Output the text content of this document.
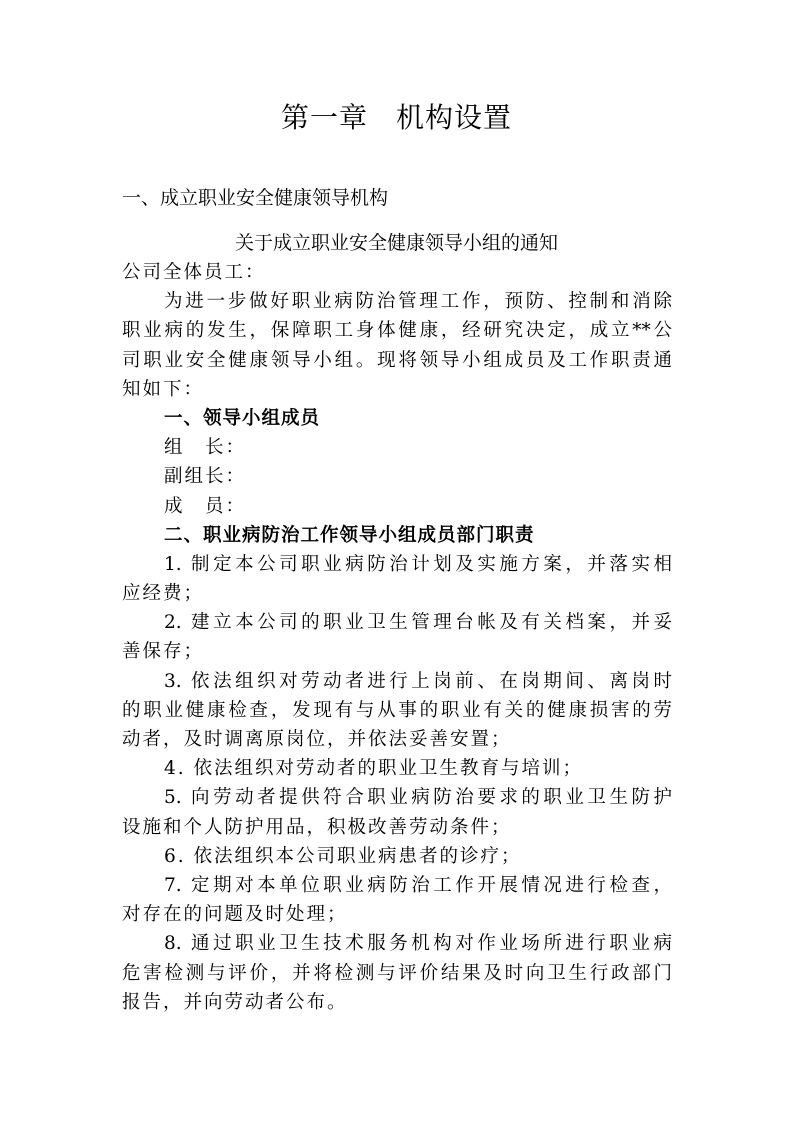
第一章 机构设置
一、成立职业安全健康领导机构
关于成立职业安全健康领导小组的通知
公司全体员工：
为进一步做好职业病防治管理工作，预防、控制和消除
职业病的发生，保障职工身体健康，经研究决定，成立**公
司职业安全健康领导小组。现将领导小组成员及工作职责通
知如下：
一、领导小组成员
组　长：
副组长：
成　员：
二、职业病防治工作领导小组成员部门职责
1. 制定本公司职业病防治计划及实施方案，并落实相
应经费；
2. 建立本公司的职业卫生管理台帐及有关档案，并妥
善保存；
3. 依法组织对劳动者进行上岗前、在岗期间、离岗时
的职业健康检查，发现有与从事的职业有关的健康损害的劳
动者，及时调离原岗位，并依法妥善安置；
4. 依法组织对劳动者的职业卫生教育与培训；
5. 向劳动者提供符合职业病防治要求的职业卫生防护
设施和个人防护用品，积极改善劳动条件；
6. 依法组织本公司职业病患者的诊疗；
7. 定期对本单位职业病防治工作开展情况进行检查，
对存在的问题及时处理；
8. 通过职业卫生技术服务机构对作业场所进行职业病
危害检测与评价，并将检测与评价结果及时向卫生行政部门
报告，并向劳动者公布。
